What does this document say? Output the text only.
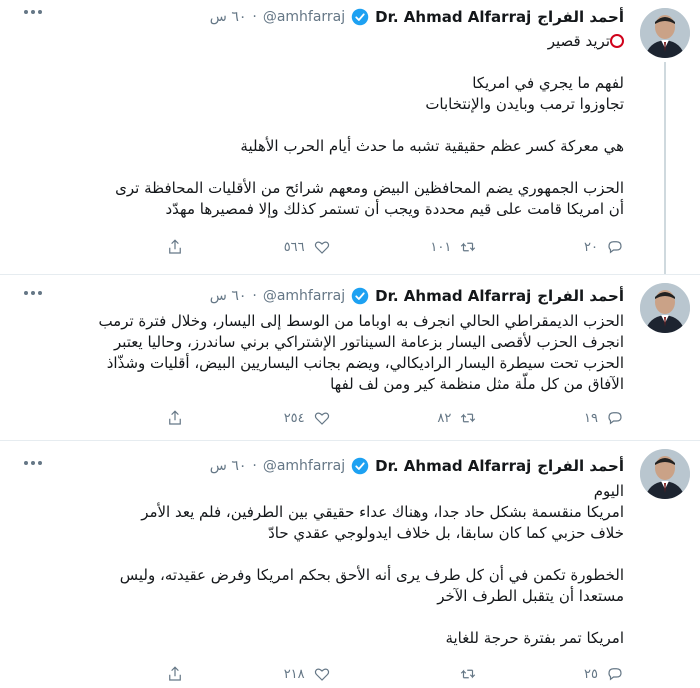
أحمد الفراج
Dr. Ahmad Alfarraj
@amhfarraj
·
٦٠ س

تريد قصير

لفهم ما يجري في امريكا

تجاوزوا ترمب وبايدن والإنتخابات

هي معركة كسر عظم حقيقية تشبه ما حدث أيام الحرب الأهلية

الحزب الجمهوري يضم المحافظين البيض ومعهم شرائح من الأقليات المحافظة ترى

أن امريكا قامت على قيم محددة ويجب أن تستمر كذلك وإلا فمصيرها مهدّد

٢٠
١٠١
٥٦٦
أحمد الفراج
Dr. Ahmad Alfarraj
@amhfarraj
·
٦٠ س

الحزب الديمقراطي الحالي انجرف به اوباما من الوسط إلى اليسار، وخلال فترة ترمب

انجرف الحزب لأقصى اليسار بزعامة السيناتور الإشتراكي برني ساندرز، وحاليا يعتبر

الحزب تحت سيطرة اليسار الراديكالي، ويضم بجانب اليساريين البيض، أقليات وشذّاذ

الآفاق من كل ملّة مثل منظمة كير ومن لف لفها

١٩
٨٢
٢٥٤
أحمد الفراج
Dr. Ahmad Alfarraj
@amhfarraj
·
٦٠ س

اليوم

امريكا منقسمة بشكل حاد جدا، وهناك عداء حقيقي بين الطرفين، فلم يعد الأمر

خلاف حزبي كما كان سابقا، بل خلاف ايدولوجي عقدي حادّ

الخطورة تكمن في أن كل طرف يرى أنه الأحق بحكم امريكا وفرض عقيدته، وليس

مستعدا أن يتقبل الطرف الآخر

امريكا تمر بفترة حرجة للغاية

٢٥
٢١٨
